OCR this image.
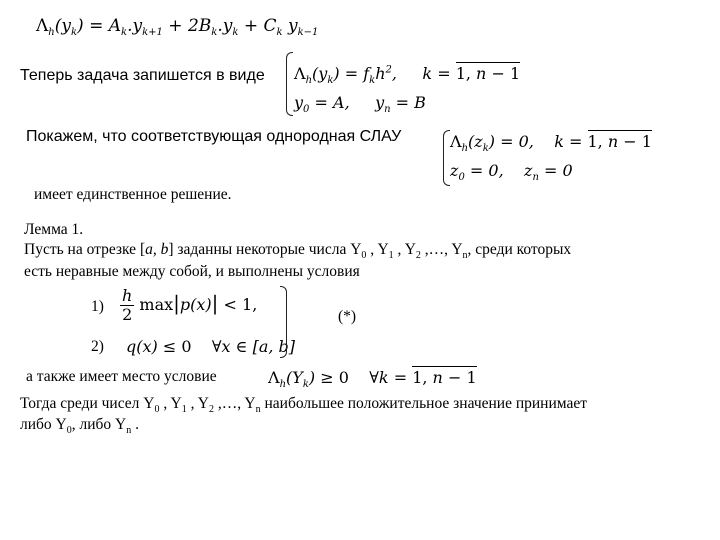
$\Lambda_h(y_k) = A_k.y_{k+1} + 2B_k.y_k + C_k$ $y_{k-1}$
Теперь задача запишется в виде $\Lambda_h(y_k) = f_kh^2$,     k = 1, n − 1
$y_0 = A$,     $y_n = B$
Покажем, что соответствующая однородная СЛАУ	$\Lambda_h(z_k) = 0$,    k = 1, n − 1
$z_0 = 0$,    $z_n = 0$
имеет единственное решение.
Лемма 1.
Пусть на отрезке [a, b] заданны некоторые числа $Y_0$ , $Y_1$ , $Y_2$ ,…, $Y_n$, среди которых
есть неравные между собой, и выполнены условия
$1) \frac{h}{2} \max|p(x)| < 1$,
2) q(x) ≤ 0 ∀x ∈ [a, b]
(*)
а также имеет место условие	$\Lambda_h(Y_k) \ge 0$ ∀k = 1, n − 1
Тогда среди чисел $Y_0$ , $Y_1$ , $Y_2$ ,…, $Y_n$ наибольшее положительное значение принимает
либо $Y_0$, либо $Y_n$ .
